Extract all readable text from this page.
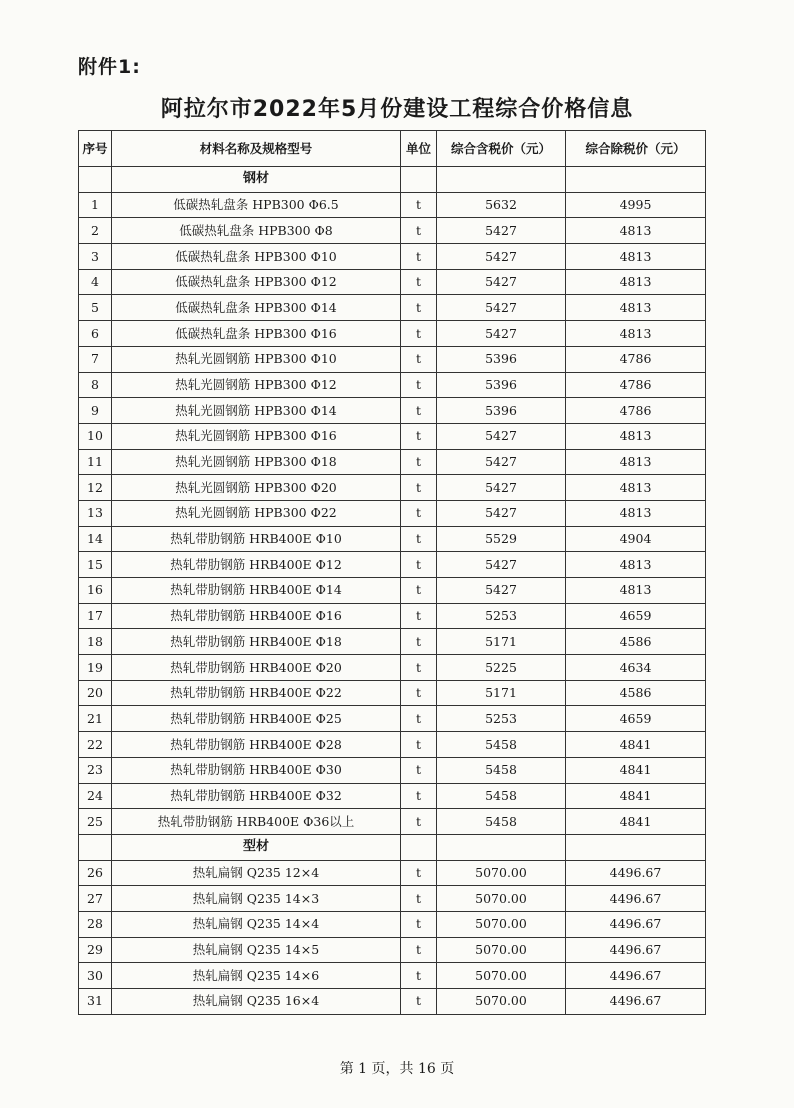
附件1:
阿拉尔市2022年5月份建设工程综合价格信息
序号	材料名称及规格型号	单位	综合含税价（元）	综合除税价（元）
	钢材			
1	低碳热轧盘条 HPB300 Φ6.5	t	5632	4995
2	低碳热轧盘条 HPB300 Φ8	t	5427	4813
3	低碳热轧盘条 HPB300 Φ10	t	5427	4813
4	低碳热轧盘条 HPB300 Φ12	t	5427	4813
5	低碳热轧盘条 HPB300 Φ14	t	5427	4813
6	低碳热轧盘条 HPB300 Φ16	t	5427	4813
7	热轧光圆钢筋 HPB300 Φ10	t	5396	4786
8	热轧光圆钢筋 HPB300 Φ12	t	5396	4786
9	热轧光圆钢筋 HPB300 Φ14	t	5396	4786
10	热轧光圆钢筋 HPB300 Φ16	t	5427	4813
11	热轧光圆钢筋 HPB300 Φ18	t	5427	4813
12	热轧光圆钢筋 HPB300 Φ20	t	5427	4813
13	热轧光圆钢筋 HPB300 Φ22	t	5427	4813
14	热轧带肋钢筋 HRB400E Φ10	t	5529	4904
15	热轧带肋钢筋 HRB400E Φ12	t	5427	4813
16	热轧带肋钢筋 HRB400E Φ14	t	5427	4813
17	热轧带肋钢筋 HRB400E Φ16	t	5253	4659
18	热轧带肋钢筋 HRB400E Φ18	t	5171	4586
19	热轧带肋钢筋 HRB400E Φ20	t	5225	4634
20	热轧带肋钢筋 HRB400E Φ22	t	5171	4586
21	热轧带肋钢筋 HRB400E Φ25	t	5253	4659
22	热轧带肋钢筋 HRB400E Φ28	t	5458	4841
23	热轧带肋钢筋 HRB400E Φ30	t	5458	4841
24	热轧带肋钢筋 HRB400E Φ32	t	5458	4841
25	热轧带肋钢筋 HRB400E Φ36以上	t	5458	4841
	型材			
26	热轧扁钢 Q235 12×4	t	5070.00	4496.67
27	热轧扁钢 Q235 14×3	t	5070.00	4496.67
28	热轧扁钢 Q235 14×4	t	5070.00	4496.67
29	热轧扁钢 Q235 14×5	t	5070.00	4496.67
30	热轧扁钢 Q235 14×6	t	5070.00	4496.67
31	热轧扁钢 Q235 16×4	t	5070.00	4496.67
第 1 页，共 16 页
